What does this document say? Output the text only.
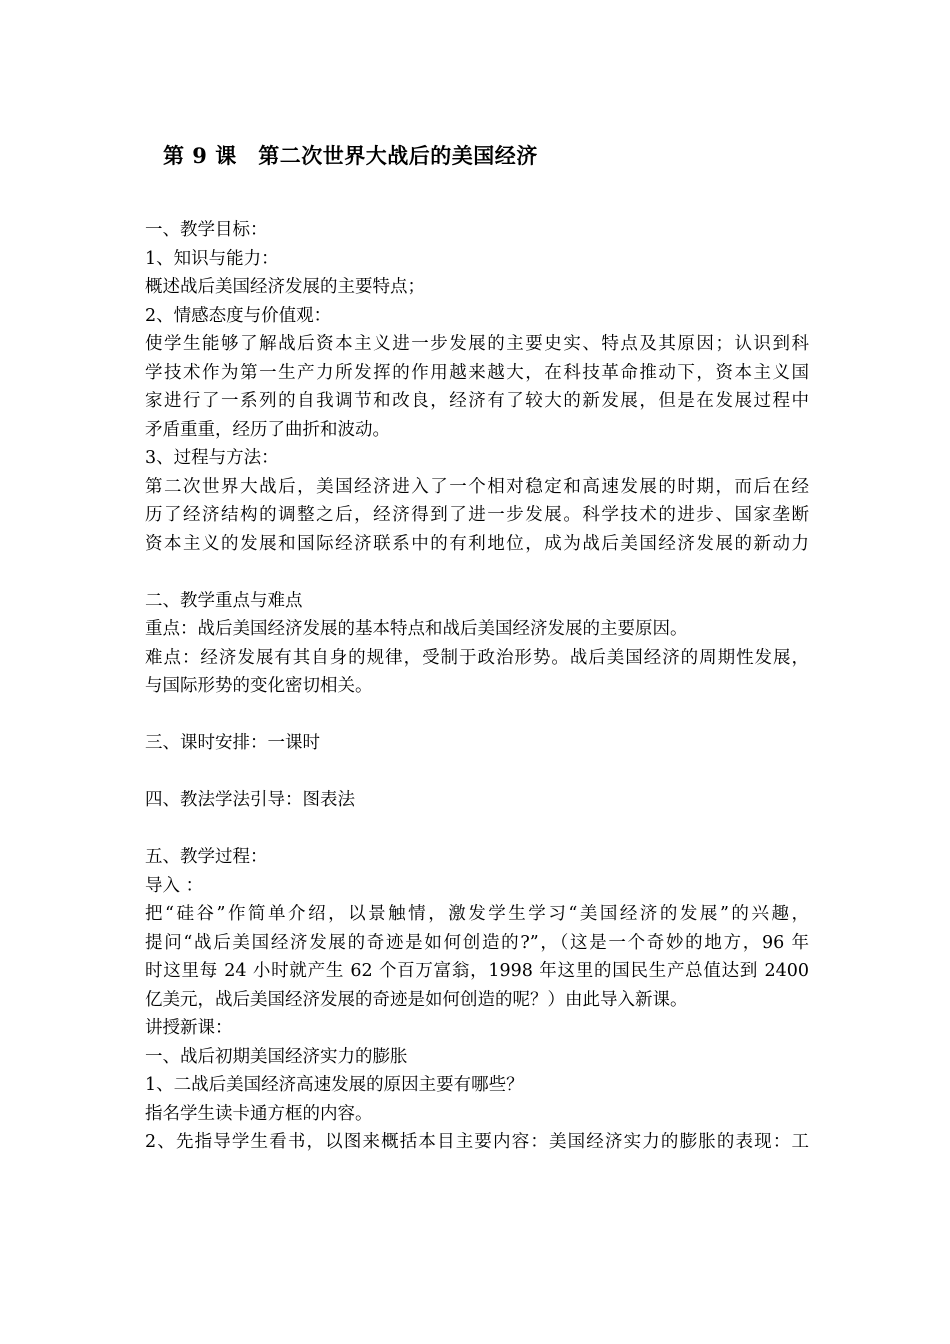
第 9 课　第二次世界大战后的美国经济
一、教学目标：
1、知识与能力：
概述战后美国经济发展的主要特点；
2、情感态度与价值观：
使学生能够了解战后资本主义进一步发展的主要史实、特点及其原因；认识到科
学技术作为第一生产力所发挥的作用越来越大，在科技革命推动下，资本主义国
家进行了一系列的自我调节和改良，经济有了较大的新发展，但是在发展过程中
矛盾重重，经历了曲折和波动。
3、过程与方法：
第二次世界大战后，美国经济进入了一个相对稳定和高速发展的时期，而后在经
历了经济结构的调整之后，经济得到了进一步发展。科学技术的进步、国家垄断
资本主义的发展和国际经济联系中的有利地位，成为战后美国经济发展的新动力
二、教学重点与难点
重点：战后美国经济发展的基本特点和战后美国经济发展的主要原因。
难点：经济发展有其自身的规律，受制于政治形势。战后美国经济的周期性发展，
与国际形势的变化密切相关。
三、课时安排：一课时
四、教法学法引导：图表法
五、教学过程：
导入 ：
把“硅谷”作简单介绍，以景触情，激发学生学习“美国经济的发展”的兴趣，
提问“战后美国经济发展的奇迹是如何创造的?”，（这是一个奇妙的地方，96 年
时这里每 24 小时就产生 62 个百万富翁，1998 年这里的国民生产总值达到 2400
亿美元，战后美国经济发展的奇迹是如何创造的呢？）由此导入新课。
讲授新课：
一、战后初期美国经济实力的膨胀
1、二战后美国经济高速发展的原因主要有哪些？
指名学生读卡通方框的内容。
2、先指导学生看书，以图来概括本目主要内容：美国经济实力的膨胀的表现：工
